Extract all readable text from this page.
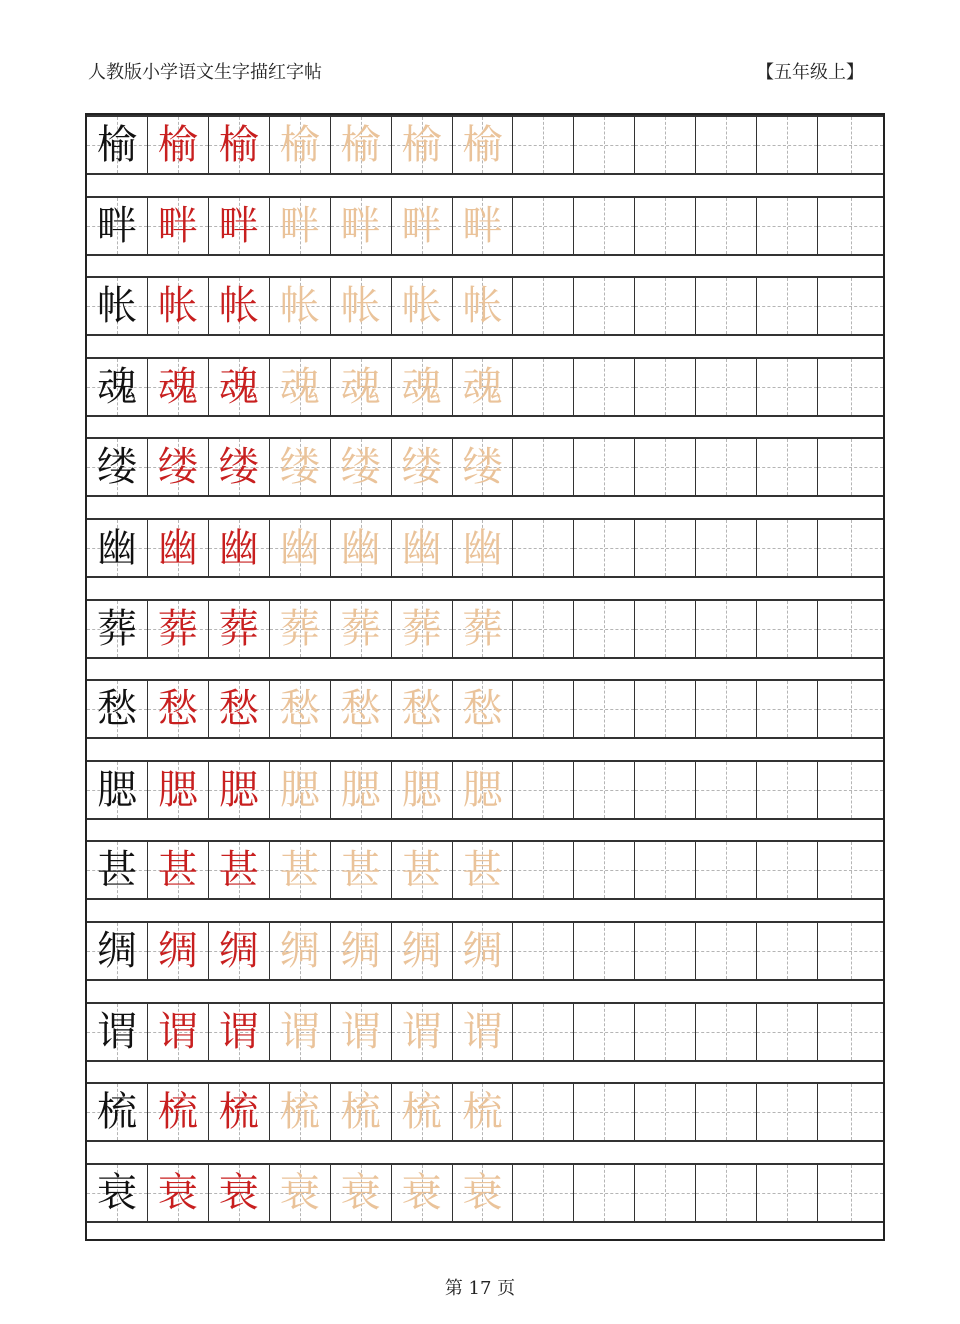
人教版小学语文生字描红字帖	【五年级上】
榆 榆 榆 榆 榆 榆 榆
畔 畔 畔 畔 畔 畔 畔
帐 帐 帐 帐 帐 帐 帐
魂 魂 魂 魂 魂 魂 魂
缕 缕 缕 缕 缕 缕 缕
幽 幽 幽 幽 幽 幽 幽
葬 葬 葬 葬 葬 葬 葬
愁 愁 愁 愁 愁 愁 愁
腮 腮 腮 腮 腮 腮 腮
甚 甚 甚 甚 甚 甚 甚
绸 绸 绸 绸 绸 绸 绸
谓 谓 谓 谓 谓 谓 谓
梳 梳 梳 梳 梳 梳 梳
衰 衰 衰 衰 衰 衰 衰
第 17 页
